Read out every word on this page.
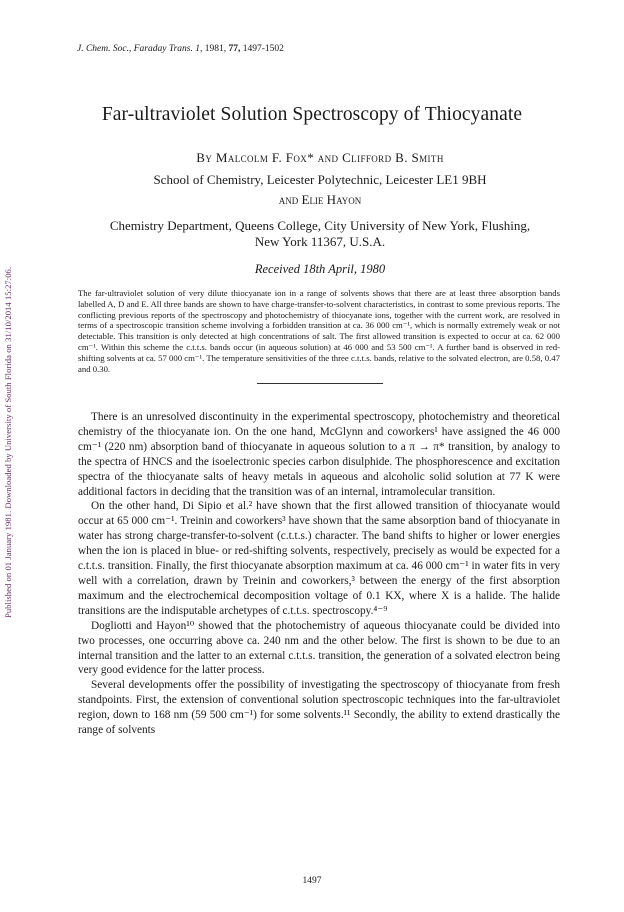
Published on 01 January 1981. Downloaded by University of South Florida on 31/10/2014 15:27:06.
J. Chem. Soc., Faraday Trans. 1, 1981, 77, 1497-1502
Far-ultraviolet Solution Spectroscopy of Thiocyanate
By Malcolm F. Fox* and Clifford B. Smith
School of Chemistry, Leicester Polytechnic, Leicester LE1 9BH
and Elie Hayon
Chemistry Department, Queens College, City University of New York, Flushing,
New York 11367, U.S.A.
Received 18th April, 1980
The far-ultraviolet solution of very dilute thiocyanate ion in a range of solvents shows that there are at least three absorption bands labelled A, D and E. All three bands are shown to have charge-transfer-to-solvent characteristics, in contrast to some previous reports. The conflicting previous reports of the spectroscopy and photochemistry of thiocyanate ions, together with the current work, are resolved in terms of a spectroscopic transition scheme involving a forbidden transition at ca. 36 000 cm⁻¹, which is normally extremely weak or not detectable. This transition is only detected at high concentrations of salt. The first allowed transition is expected to occur at ca. 62 000 cm⁻¹. Within this scheme the c.t.t.s. bands occur (in aqueous solution) at 46 000 and 53 500 cm⁻¹. A further band is observed in red-shifting solvents at ca. 57 000 cm⁻¹. The temperature sensitivities of the three c.t.t.s. bands, relative to the solvated electron, are 0.58, 0.47 and 0.30.

There is an unresolved discontinuity in the experimental spectroscopy, photochemistry and theoretical chemistry of the thiocyanate ion. On the one hand, McGlynn and coworkers¹ have assigned the 46 000 cm⁻¹ (220 nm) absorption band of thiocyanate in aqueous solution to a π → π* transition, by analogy to the spectra of HNCS and the isoelectronic species carbon disulphide. The phosphorescence and excitation spectra of the thiocyanate salts of heavy metals in aqueous and alcoholic solid solution at 77 K were additional factors in deciding that the transition was of an internal, intramolecular transition.

On the other hand, Di Sipio et al.² have shown that the first allowed transition of thiocyanate would occur at 65 000 cm⁻¹. Treinin and coworkers³ have shown that the same absorption band of thiocyanate in water has strong charge-transfer-to-solvent (c.t.t.s.) character. The band shifts to higher or lower energies when the ion is placed in blue- or red-shifting solvents, respectively, precisely as would be expected for a c.t.t.s. transition. Finally, the first thiocyanate absorption maximum at ca. 46 000 cm⁻¹ in water fits in very well with a correlation, drawn by Treinin and coworkers,³ between the energy of the first absorption maximum and the electrochemical decomposition voltage of 0.1 KX, where X is a halide. The halide transitions are the indisputable archetypes of c.t.t.s. spectroscopy.⁴⁻⁹

Dogliotti and Hayon¹⁰ showed that the photochemistry of aqueous thiocyanate could be divided into two processes, one occurring above ca. 240 nm and the other below. The first is shown to be due to an internal transition and the latter to an external c.t.t.s. transition, the generation of a solvated electron being very good evidence for the latter process.

Several developments offer the possibility of investigating the spectroscopy of thiocyanate from fresh standpoints. First, the extension of conventional solution spectroscopic techniques into the far-ultraviolet region, down to 168 nm (59 500 cm⁻¹) for some solvents.¹¹ Secondly, the ability to extend drastically the range of solvents

1497
